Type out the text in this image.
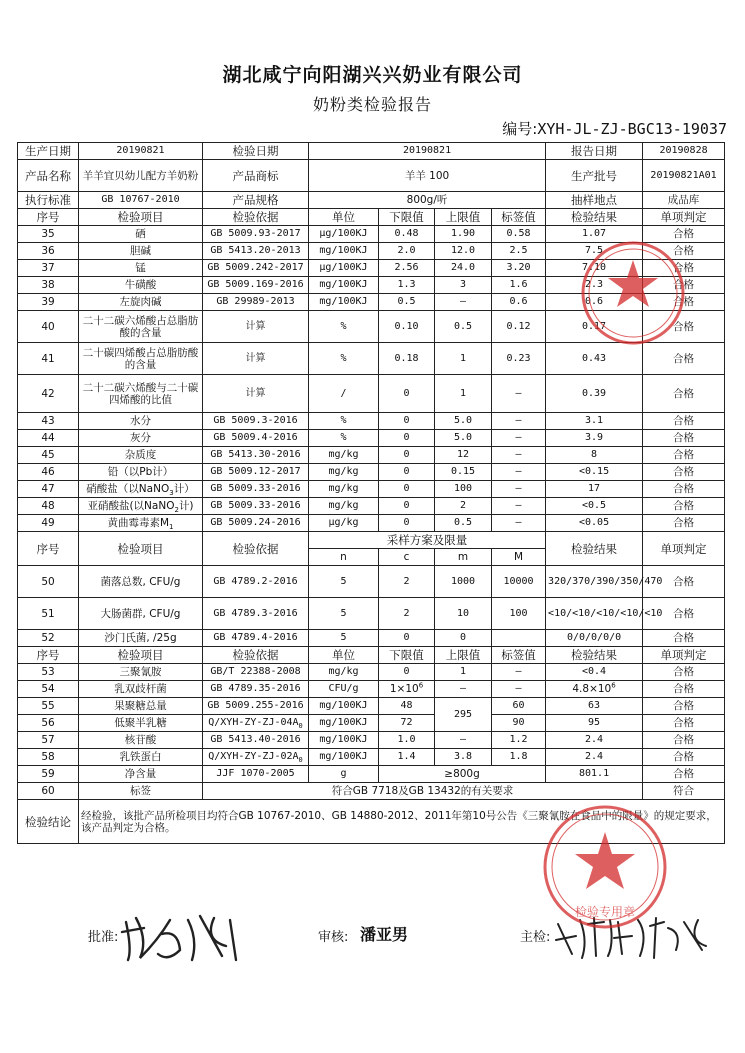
湖北咸宁向阳湖兴兴奶业有限公司
奶粉类检验报告
编号:XYH-JL-ZJ-BGC13-19037
生产日期	20190821	检验日期	20190821				报告日期	20190828
产品名称	羊羊宜贝幼儿配方羊奶粉	产品商标	羊羊 100				生产批号	20190821A01
执行标准	GB 10767-2010	产品规格	800g/听				抽样地点	成品库
序号	检验项目	检验依据	单位	下限值	上限值	标签值	检验结果	单项判定
35	硒	GB 5009.93-2017	μg/100KJ	0.48	1.90	0.58	1.07	合格
36	胆碱	GB 5413.20-2013	mg/100KJ	2.0	12.0	2.5	7.5	合格
37	锰	GB 5009.242-2017	μg/100KJ	2.56	24.0	3.20	7.10	合格
38	牛磺酸	GB 5009.169-2016	mg/100KJ	1.3	3	1.6	2.3	合格
39	左旋肉碱	GB 29989-2013	mg/100KJ	0.5	–	0.6	0.6	合格
40	二十二碳六烯酸占总脂肪酸的含量	计算	%	0.10	0.5	0.12	0.17	合格
41	二十碳四烯酸占总脂肪酸的含量	计算	%	0.18	1	0.23	0.43	合格
42	二十二碳六烯酸与二十碳四烯酸的比值	计算	/	0	1	–	0.39	合格
43	水分	GB 5009.3-2016	%	0	5.0	–	3.1	合格
44	灰分	GB 5009.4-2016	%	0	5.0	–	3.9	合格
45	杂质度	GB 5413.30-2016	mg/kg	0	12	–	8	合格
46	铅（以Pb计）	GB 5009.12-2017	mg/kg	0	0.15	–	<0.15	合格
47	硝酸盐（以NaNO$_3$计）	GB 5009.33-2016	mg/kg	0	100	–	17	合格
48	亚硝酸盐(以NaNO$_2$计)	GB 5009.33-2016	mg/kg	0	2	–	<0.5	合格
49	黄曲霉毒素$M_1$	GB 5009.24-2016	μg/kg	0	0.5	–	<0.05	合格
序号	检验项目	检验依据	采样方案及限量				检验结果	单项判定
			n	c	m	M		
50	菌落总数, CFU/g	GB 4789.2-2016	5	2	1000	10000	320/370/390/350/470	合格
51	大肠菌群, CFU/g	GB 4789.3-2016	5	2	10	100	<10/<10/<10/<10/<10	合格
52	沙门氏菌, /25g	GB 4789.4-2016	5	0	0		0/0/0/0/0	合格
序号	检验项目	检验依据	单位	下限值	上限值	标签值	检验结果	单项判定
53	三聚氰胺	GB/T 22388-2008	mg/kg	0	1	–	<0.4	合格
54	乳双歧杆菌	GB 4789.35-2016	CFU/g	$1\times 10^6$	–	–	$4.8\times 10^6$	合格
55	果聚糖总量	GB 5009.255-2016	mg/100KJ	48	295	60	63	合格
56	低聚半乳糖	$Q/XYH-ZY-ZJ-04A_0$	mg/100KJ	72		90	95	合格
57	核苷酸	GB 5413.40-2016	mg/100KJ	1.0	–	1.2	2.4	合格
58	乳铁蛋白	$Q/XYH-ZY-ZJ-02A_0$	mg/100KJ	1.4	3.8	1.8	2.4	合格
59	净含量	JJF 1070-2005	g	≥800g			801.1	合格
60	标签	符合GB 7718及GB 13432的有关要求						符合
检验结论	经检验，该批产品所检项目均符合GB 10767-2010、GB 14880-2012、2011年第10号公告《三聚氰胺在食品中的限量》的规定要求，该产品判定为合格。							
批准:	审核: 潘亚男	主检:
检验专用章
